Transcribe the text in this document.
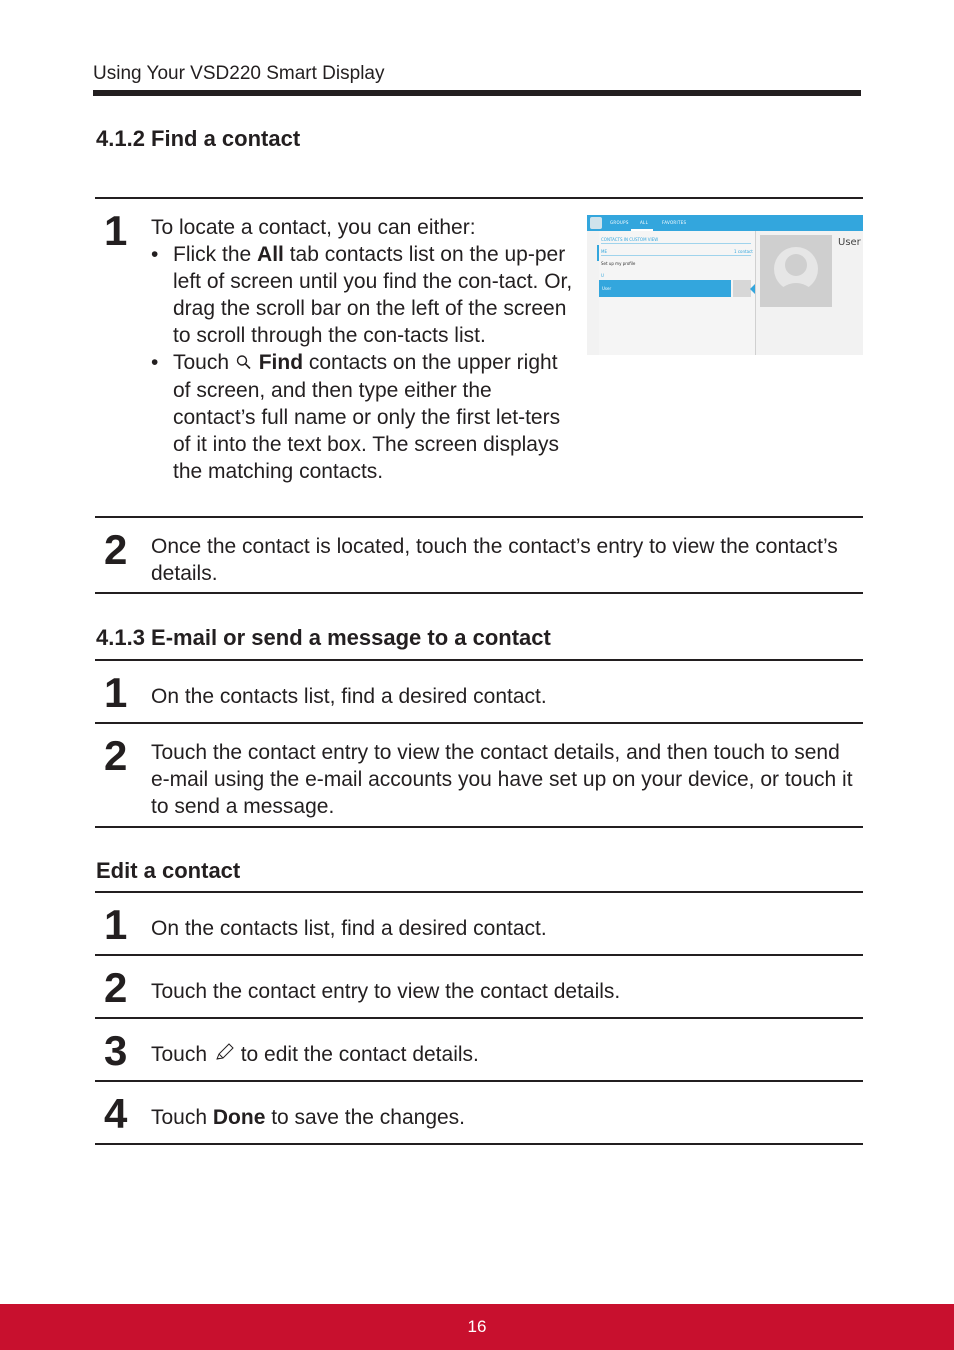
Using Your VSD220 Smart Display
4.1.2 Find a contact
1 To locate a contact, you can either:
• Flick the All tab contacts list on the up-per left of screen until you find the con-tact. Or, drag the scroll bar on the left of the screen to scroll through the con-tacts list.
• Touch  Find contacts on the upper right of screen, and then type either the contact’s full name or only the first let-ters of it into the text box. The screen displays the matching contacts.
GROUPS	ALL	FAVORITES
CONTACTS IN CUSTOM VIEW
ME	1 contact
Set up my profile
U
User
User
2 Once the contact is located, touch the contact’s entry to view the contact’s details.
4.1.3 E-mail or send a message to a contact
1 On the contacts list, find a desired contact.
2 Touch the contact entry to view the contact details, and then touch to send e-mail using the e-mail accounts you have set up on your device, or touch it to send a message.
Edit a contact
1 On the contacts list, find a desired contact.
2 Touch the contact entry to view the contact details.
3 Touch  to edit the contact details.
4 Touch Done to save the changes.
16
